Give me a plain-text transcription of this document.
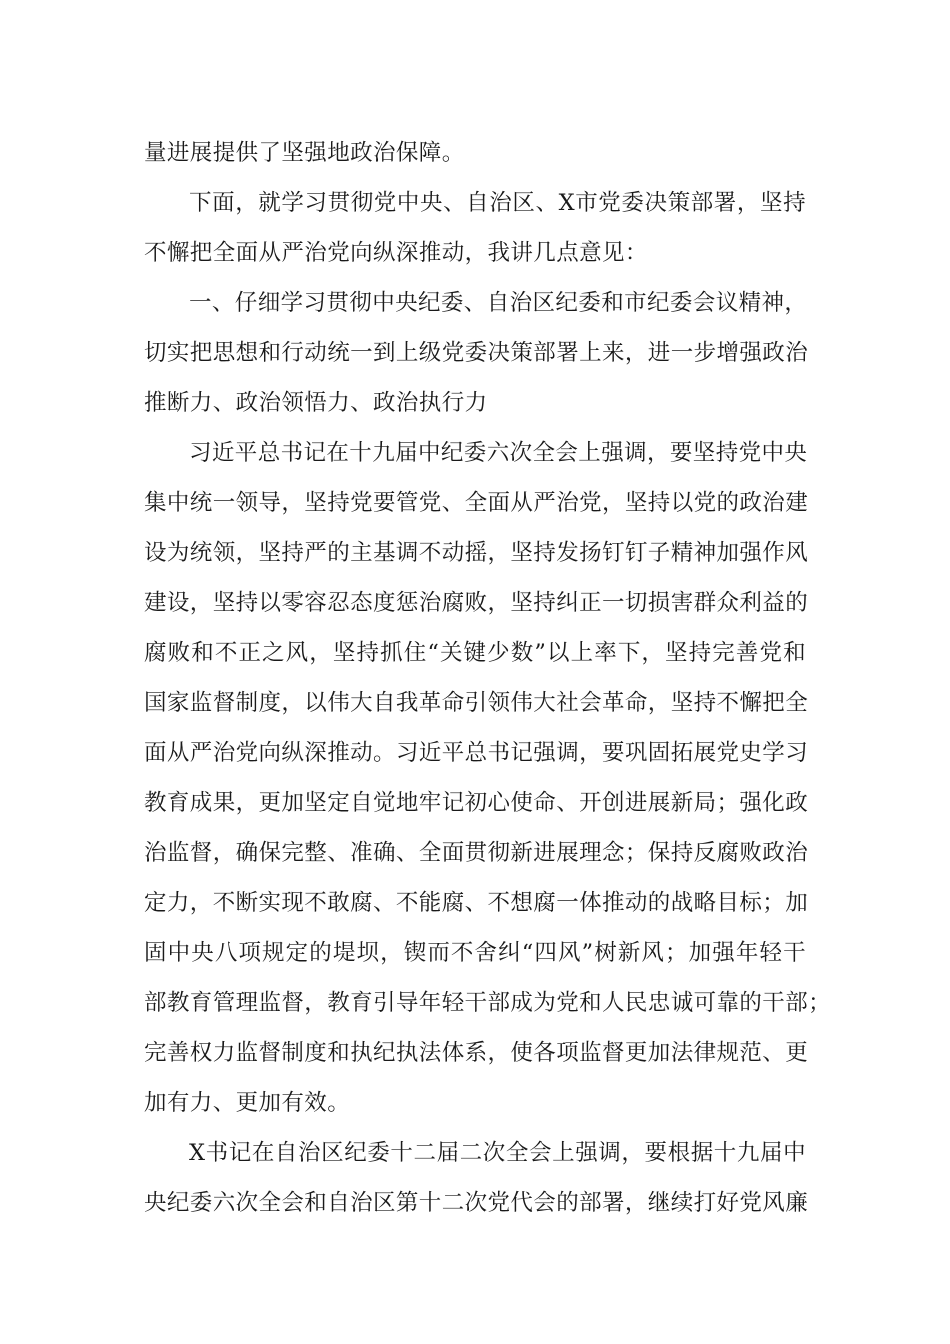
量进展提供了坚强地政治保障。

下面，就学习贯彻党中央、自治区、X市党委决策部署，坚持
不懈把全面从严治党向纵深推动，我讲几点意见：

一、仔细学习贯彻中央纪委、自治区纪委和市纪委会议精神，
切实把思想和行动统一到上级党委决策部署上来，进一步增强政治
推断力、政治领悟力、政治执行力

习近平总书记在十九届中纪委六次全会上强调，要坚持党中央
集中统一领导，坚持党要管党、全面从严治党，坚持以党的政治建
设为统领，坚持严的主基调不动摇，坚持发扬钉钉子精神加强作风
建设，坚持以零容忍态度惩治腐败，坚持纠正一切损害群众利益的
腐败和不正之风，坚持抓住“关键少数”以上率下，坚持完善党和
国家监督制度，以伟大自我革命引领伟大社会革命，坚持不懈把全
面从严治党向纵深推动。习近平总书记强调，要巩固拓展党史学习
教育成果，更加坚定自觉地牢记初心使命、开创进展新局；强化政
治监督，确保完整、准确、全面贯彻新进展理念；保持反腐败政治
定力，不断实现不敢腐、不能腐、不想腐一体推动的战略目标；加
固中央八项规定的堤坝，锲而不舍纠“四风”树新风；加强年轻干
部教育管理监督，教育引导年轻干部成为党和人民忠诚可靠的干部；
完善权力监督制度和执纪执法体系，使各项监督更加法律规范、更
加有力、更加有效。

X书记在自治区纪委十二届二次全会上强调，要根据十九届中
央纪委六次全会和自治区第十二次党代会的部署，继续打好党风廉
